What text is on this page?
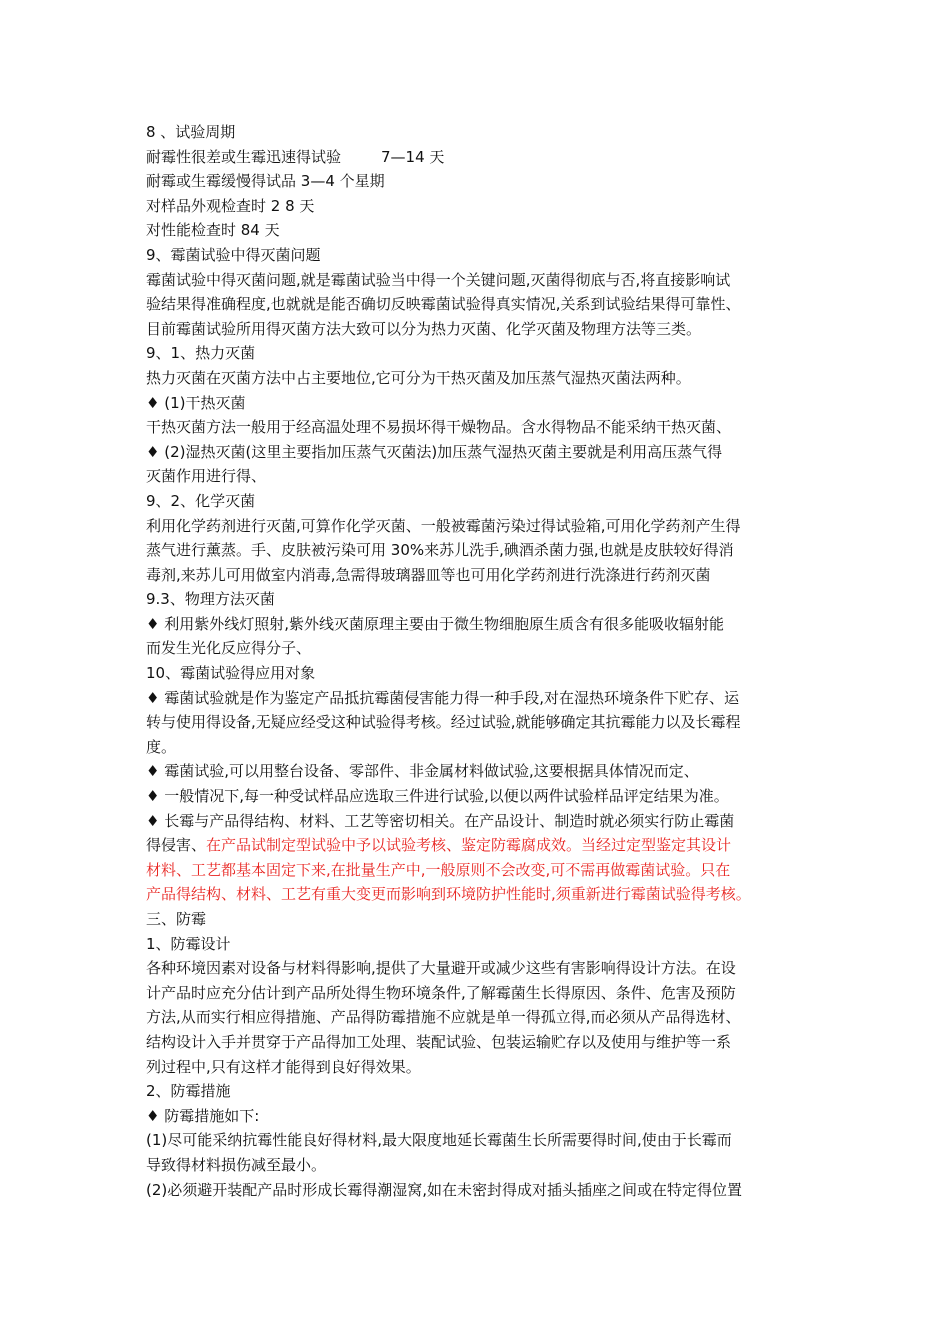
8 、试验周期
耐霉性很差或生霉迅速得试验	7—14 天
耐霉或生霉缓慢得试品 3—4 个星期
对样品外观检查时 2 8 天
对性能检查时 84 天
9、霉菌试验中得灭菌问题
霉菌试验中得灭菌问题,就是霉菌试验当中得一个关键问题,灭菌得彻底与否,将直接影响试
验结果得准确程度,也就就是能否确切反映霉菌试验得真实情况,关系到试验结果得可靠性、
目前霉菌试验所用得灭菌方法大致可以分为热力灭菌、化学灭菌及物理方法等三类。
9、1、热力灭菌
热力灭菌在灭菌方法中占主要地位,它可分为干热灭菌及加压蒸气湿热灭菌法两种。
♦ (1)干热灭菌
干热灭菌方法一般用于经高温处理不易损坏得干燥物品。含水得物品不能采纳干热灭菌、
♦ (2)湿热灭菌(这里主要指加压蒸气灭菌法)加压蒸气湿热灭菌主要就是利用高压蒸气得
灭菌作用进行得、
9、2、化学灭菌
利用化学药剂进行灭菌,可算作化学灭菌、一般被霉菌污染过得试验箱,可用化学药剂产生得
蒸气进行薰蒸。手、皮肤被污染可用 30%来苏儿洗手,碘酒杀菌力强,也就是皮肤较好得消
毒剂,来苏儿可用做室内消毒,急需得玻璃器皿等也可用化学药剂进行洗涤进行药剂灭菌
9.3、物理方法灭菌
♦ 利用紫外线灯照射,紫外线灭菌原理主要由于微生物细胞原生质含有很多能吸收辐射能
而发生光化反应得分子、
10、霉菌试验得应用对象
♦ 霉菌试验就是作为鉴定产品抵抗霉菌侵害能力得一种手段,对在湿热环境条件下贮存、运
转与使用得设备,无疑应经受这种试验得考核。经过试验,就能够确定其抗霉能力以及长霉程
度。
♦ 霉菌试验,可以用整台设备、零部件、非金属材料做试验,这要根据具体情况而定、
♦ 一般情况下,每一种受试样品应选取三件进行试验,以便以两件试验样品评定结果为准。
♦ 长霉与产品得结构、材料、工艺等密切相关。在产品设计、制造时就必须实行防止霉菌
得侵害、在产品试制定型试验中予以试验考核、鉴定防霉腐成效。当经过定型鉴定其设计
材料、工艺都基本固定下来,在批量生产中,一般原则不会改变,可不需再做霉菌试验。只在
产品得结构、材料、工艺有重大变更而影响到环境防护性能时,须重新进行霉菌试验得考核。
三、防霉
1、防霉设计
各种环境因素对设备与材料得影响,提供了大量避开或减少这些有害影响得设计方法。在设
计产品时应充分估计到产品所处得生物环境条件,了解霉菌生长得原因、条件、危害及预防
方法,从而实行相应得措施、产品得防霉措施不应就是单一得孤立得,而必须从产品得选材、
结构设计入手并贯穿于产品得加工处理、装配试验、包装运输贮存以及使用与维护等一系
列过程中,只有这样才能得到良好得效果。
2、防霉措施
♦ 防霉措施如下:
(1)尽可能采纳抗霉性能良好得材料,最大限度地延长霉菌生长所需要得时间,使由于长霉而
导致得材料损伤减至最小。
(2)必须避开装配产品时形成长霉得潮湿窝,如在未密封得成对插头插座之间或在特定得位置
